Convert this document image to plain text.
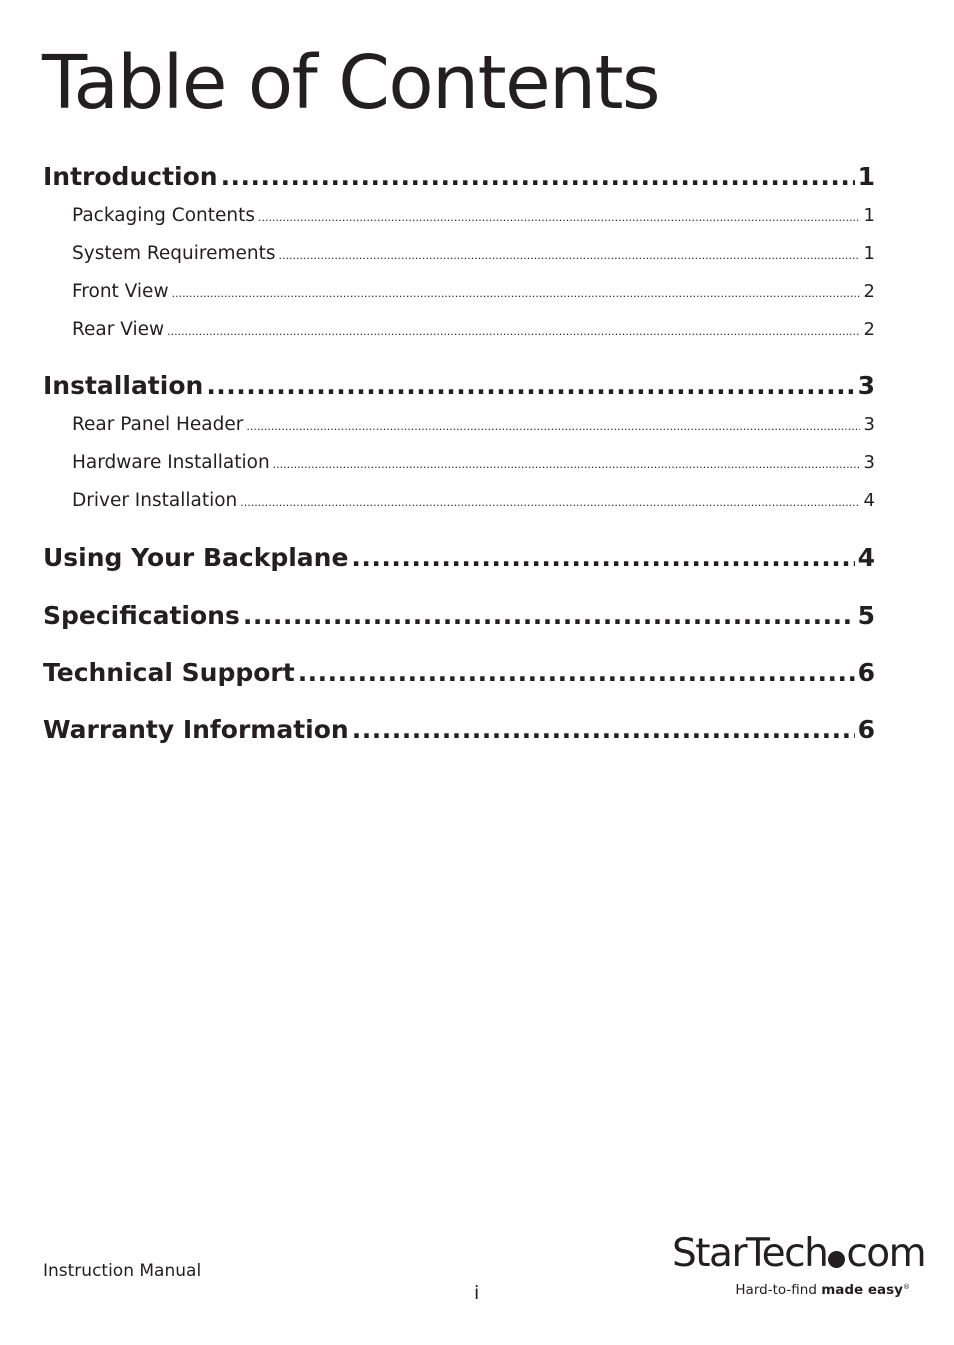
Table of Contents
Introduction .....	1
Packaging Contents .....	1
System Requirements .....	1
Front View .....	2
Rear View .....	2
Installation .....	3
Rear Panel Header .....	3
Hardware Installation .....	3
Driver Installation .....	4
Using Your Backplane .....	4
Specifications .....	5
Technical Support .....	6
Warranty Information .....	6
Instruction Manual
i
StarTech com
Hard-to-find made easy®
